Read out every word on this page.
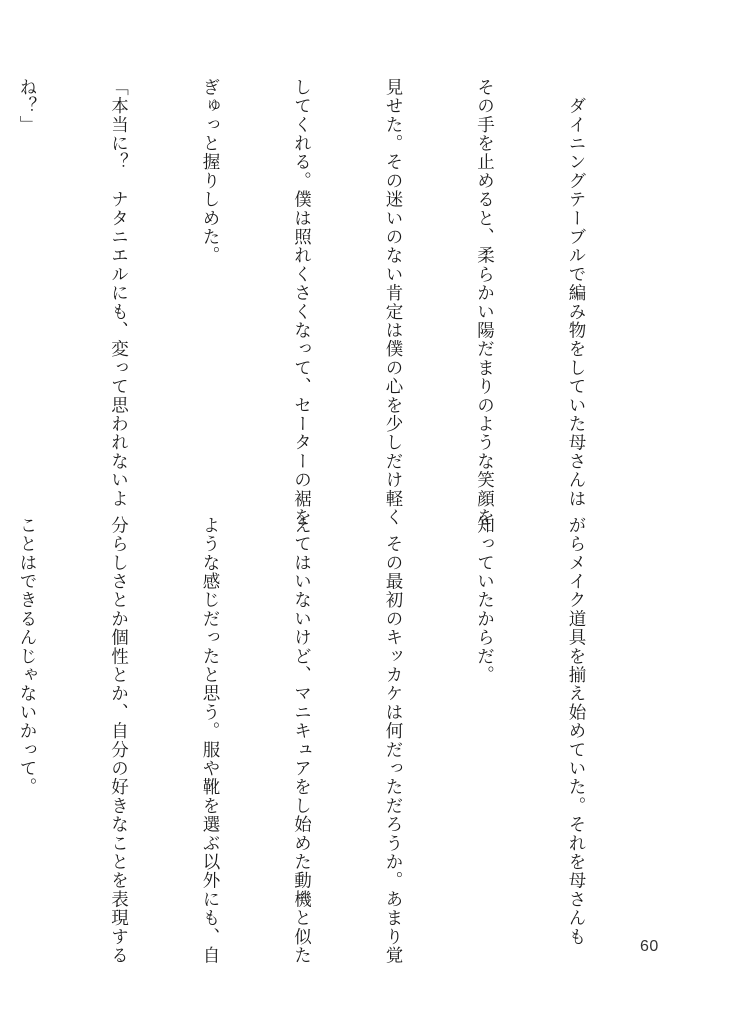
　ダイニングテーブルで編み物をしていた母さんは

その手を止めると、柔らかい陽だまりのような笑顔を

見せた。その迷いのない肯定は僕の心を少しだけ軽く

してくれる。僕は照れくさくなって、セーターの裾を

ぎゅっと握りしめた。

「本当に？　ナタニエルにも、変って思われないよ

ね？」

がらメイク道具を揃え始めていた。それを母さんも

知っていたからだ。

　その最初のキッカケは何だっただろうか。あまり覚

えてはいないけど、マニキュアをし始めた動機と似た

ような感じだったと思う。服や靴を選ぶ以外にも、自

分らしさとか個性とか、自分の好きなことを表現する

ことはできるんじゃないかって。

60
